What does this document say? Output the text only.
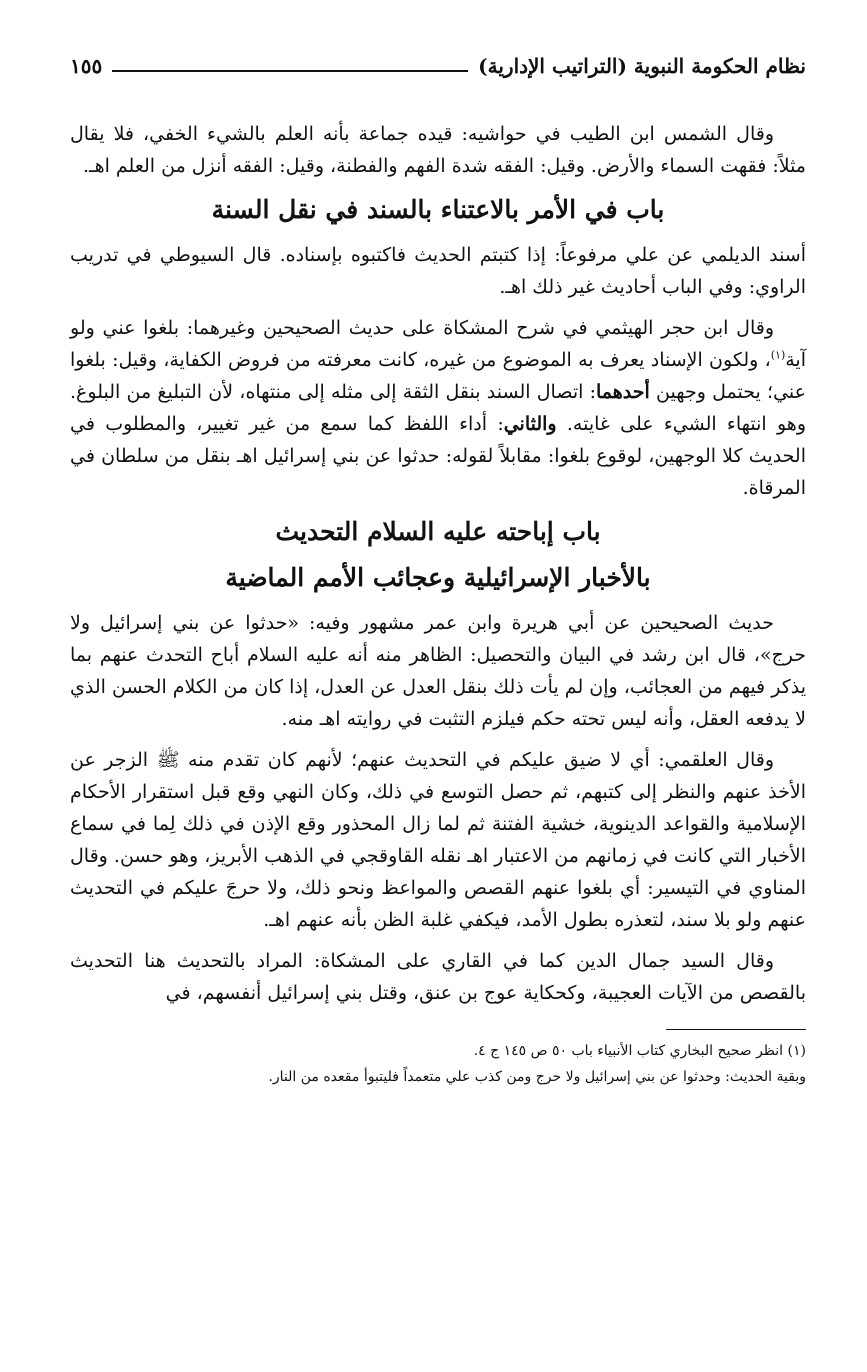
نظام الحكومة النبوية (التراتيب الإدارية)
١٥٥

وقال الشمس ابن الطيب في حواشيه: قيده جماعة بأنه العلم بالشيء الخفي، فلا يقال مثلاً: فقهت السماء والأرض. وقيل: الفقه شدة الفهم والفطنة، وقيل: الفقه أنزل من العلم اهـ.

باب في الأمر بالاعتناء بالسند في نقل السنة

أسند الديلمي عن علي مرفوعاً: إذا كتبتم الحديث فاكتبوه بإسناده. قال السيوطي في تدريب الراوي: وفي الباب أحاديث غير ذلك اهـ.

وقال ابن حجر الهيثمي في شرح المشكاة على حديث الصحيحين وغيرهما: بلغوا عني ولو آية$^{(١)}$، ولكون الإسناد يعرف به الموضوع من غيره، كانت معرفته من فروض الكفاية، وقيل: بلغوا عني؛ يحتمل وجهين أحدهما: اتصال السند بنقل الثقة إلى مثله إلى منتهاه، لأن التبليغ من البلوغ. وهو انتهاء الشيء على غايته. والثاني: أداء اللفظ كما سمع من غير تغيير، والمطلوب في الحديث كلا الوجهين، لوقوع بلغوا: مقابلاً لقوله: حدثوا عن بني إسرائيل اهـ بنقل من سلطان في المرقاة.

باب إباحته عليه السلام التحديث
بالأخبار الإسرائيلية وعجائب الأمم الماضية

حديث الصحيحين عن أبي هريرة وابن عمر مشهور وفيه: «حدثوا عن بني إسرائيل ولا حرج»، قال ابن رشد في البيان والتحصيل: الظاهر منه أنه عليه السلام أباح التحدث عنهم بما يذكر فيهم من العجائب، وإن لم يأت ذلك بنقل العدل عن العدل، إذا كان من الكلام الحسن الذي لا يدفعه العقل، وأنه ليس تحته حكم فيلزم التثبت في روايته اهـ منه.

وقال العلقمي: أي لا ضيق عليكم في التحديث عنهم؛ لأنهم كان تقدم منه ﷺ الزجر عن الأخذ عنهم والنظر إلى كتبهم، ثم حصل التوسع في ذلك، وكان النهي وقع قبل استقرار الأحكام الإسلامية والقواعد الدينوية، خشية الفتنة ثم لما زال المحذور وقع الإذن في ذلك لِما في سماع الأخبار التي كانت في زمانهم من الاعتبار اهـ نقله القاوقجي في الذهب الأبريز، وهو حسن. وقال المناوي في التيسير: أي بلغوا عنهم القصص والمواعظ ونحو ذلك، ولا حرجَ عليكم في التحديث عنهم ولو بلا سند، لتعذره بطول الأمد، فيكفي غلبة الظن بأنه عنهم اهـ.

وقال السيد جمال الدين كما في القاري على المشكاة: المراد بالتحديث هنا التحديث بالقصص من الآيات العجيبة، وكحكاية عوج بن عنق، وقتل بني إسرائيل أنفسهم، في

(١) انظر صحيح البخاري كتاب الأنبياء باب ٥٠ ص ١٤٥ ج ٤.

وبقية الحديث: وحدثوا عن بني إسرائيل ولا حرج ومن كذب علي متعمداً فليتبوأ مقعده من النار.
